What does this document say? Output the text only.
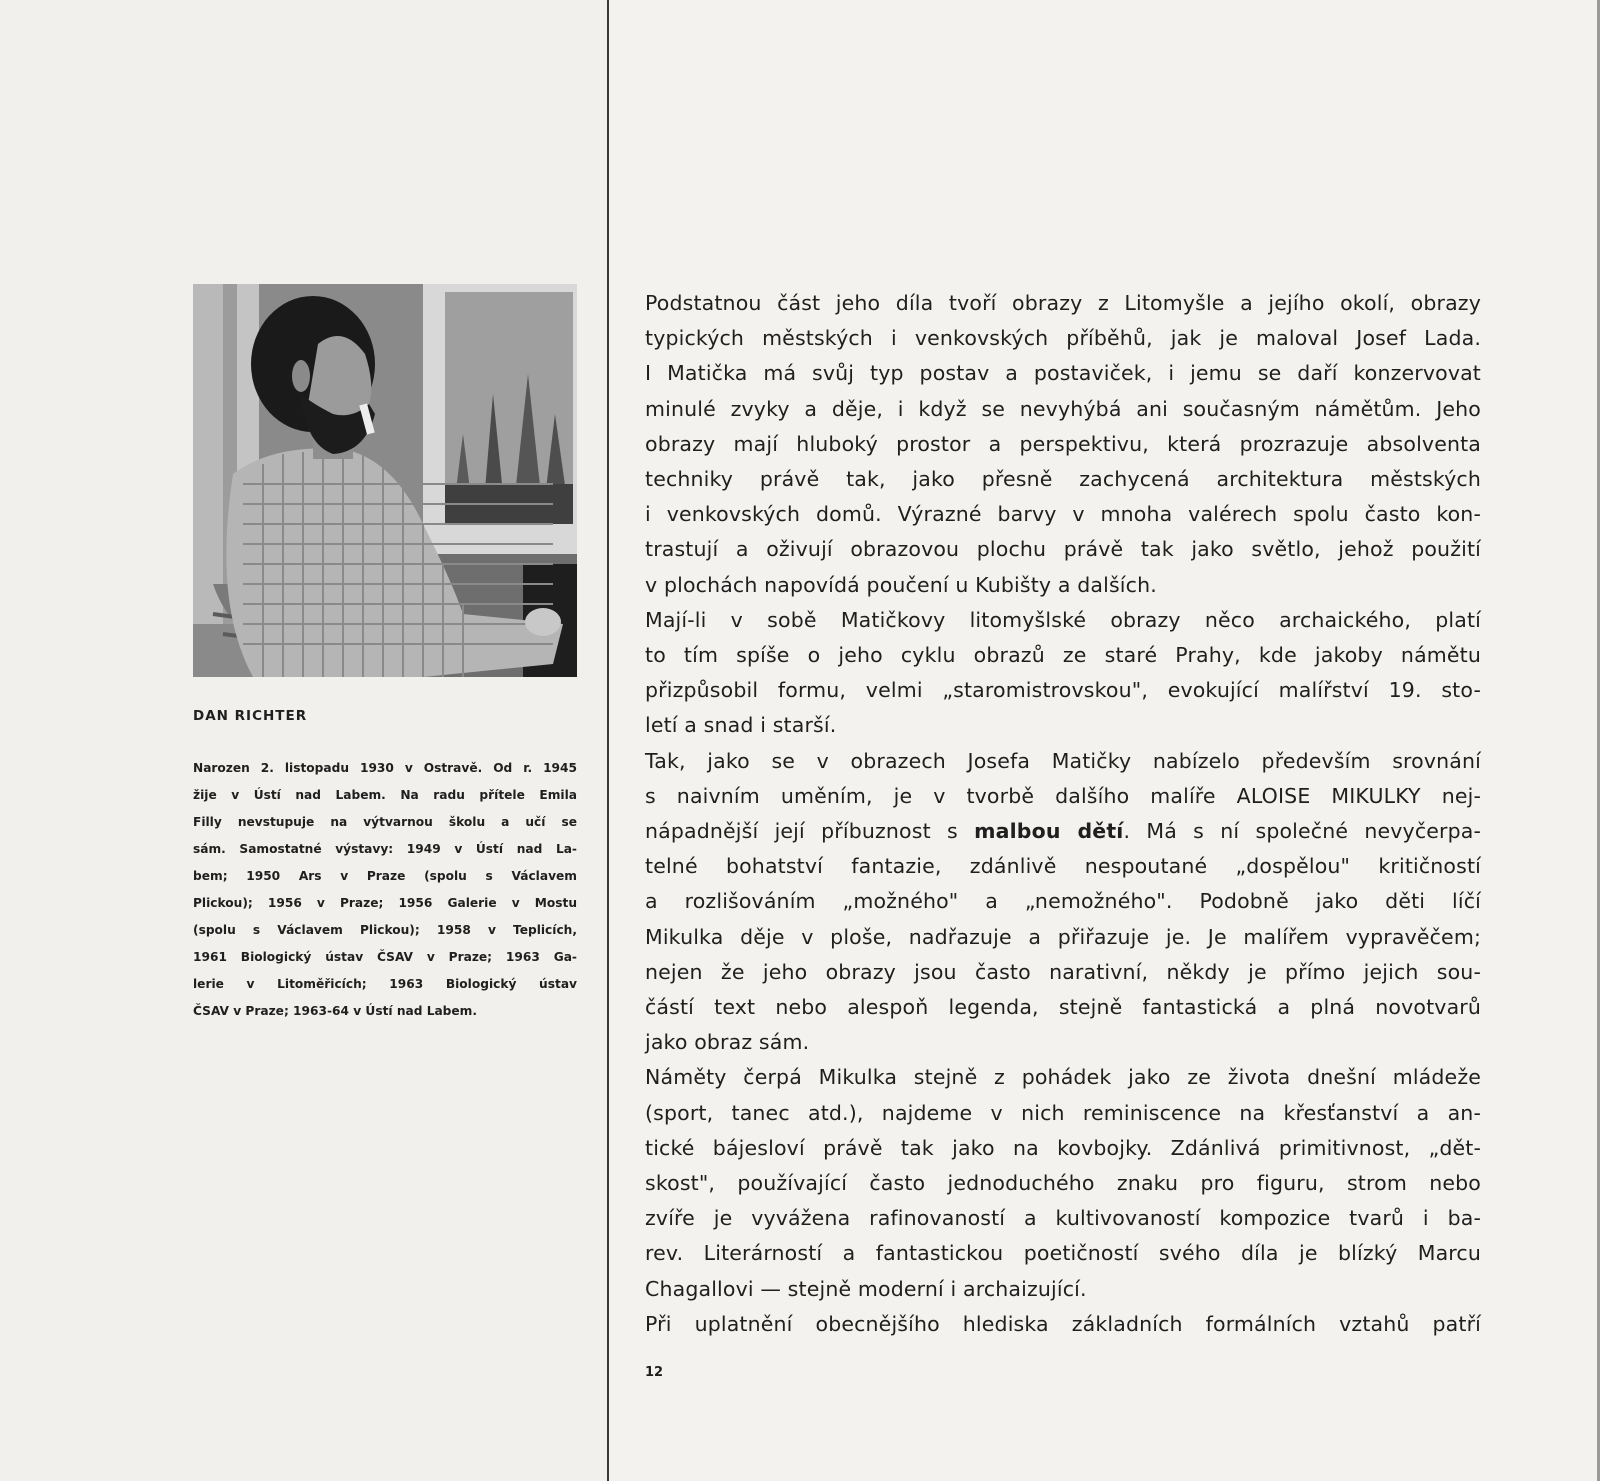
DAN RICHTER

Narozen 2. listopadu 1930 v Ostravě. Od r. 1945
žije v Ústí nad Labem. Na radu přítele Emila
Filly nevstupuje na výtvarnou školu a učí se
sám. Samostatné výstavy: 1949 v Ústí nad La-
bem; 1950 Ars v Praze (spolu s Václavem
Plickou); 1956 v Praze; 1956 Galerie v Mostu
(spolu s Václavem Plickou); 1958 v Teplicích,
1961 Biologický ústav ČSAV v Praze; 1963 Ga-
lerie v Litoměřicích; 1963 Biologický ústav
ČSAV v Praze; 1963-64 v Ústí nad Labem.
Podstatnou část jeho díla tvoří obrazy z Litomyšle a jejího okolí, obrazy
typických městských i venkovských příběhů, jak je maloval Josef Lada.
I Matička má svůj typ postav a postaviček, i jemu se daří konzervovat
minulé zvyky a děje, i když se nevyhýbá ani současným námětům. Jeho
obrazy mají hluboký prostor a perspektivu, která prozrazuje absolventa
techniky právě tak, jako přesně zachycená architektura městských
i venkovských domů. Výrazné barvy v mnoha valérech spolu často kon-
trastují a oživují obrazovou plochu právě tak jako světlo, jehož použití
v plochách napovídá poučení u Kubišty a dalších.
Mají-li v sobě Matičkovy litomyšlské obrazy něco archaického, platí
to tím spíše o jeho cyklu obrazů ze staré Prahy, kde jakoby námětu
přizpůsobil formu, velmi „staromistrovskou", evokující malířství 19. sto-
letí a snad i starší.
Tak, jako se v obrazech Josefa Matičky nabízelo především srovnání
s naivním uměním, je v tvorbě dalšího malíře ALOISE MIKULKY nej-
nápadnější její příbuznost s malbou dětí. Má s ní společné nevyčerpa-
telné bohatství fantazie, zdánlivě nespoutané „dospělou" kritičností
a rozlišováním „možného" a „nemožného". Podobně jako děti líčí
Mikulka děje v ploše, nadřazuje a přiřazuje je. Je malířem vypravěčem;
nejen že jeho obrazy jsou často narativní, někdy je přímo jejich sou-
částí text nebo alespoň legenda, stejně fantastická a plná novotvarů
jako obraz sám.
Náměty čerpá Mikulka stejně z pohádek jako ze života dnešní mládeže
(sport, tanec atd.), najdeme v nich reminiscence na křesťanství a an-
tické bájesloví právě tak jako na kovbojky. Zdánlivá primitivnost, „dět-
skost", používající často jednoduchého znaku pro figuru, strom nebo
zvíře je vyvážena rafinovaností a kultivovaností kompozice tvarů i ba-
rev. Literárností a fantastickou poetičností svého díla je blízký Marcu
Chagallovi — stejně moderní i archaizující.
Při uplatnění obecnějšího hlediska základních formálních vztahů patří

12
